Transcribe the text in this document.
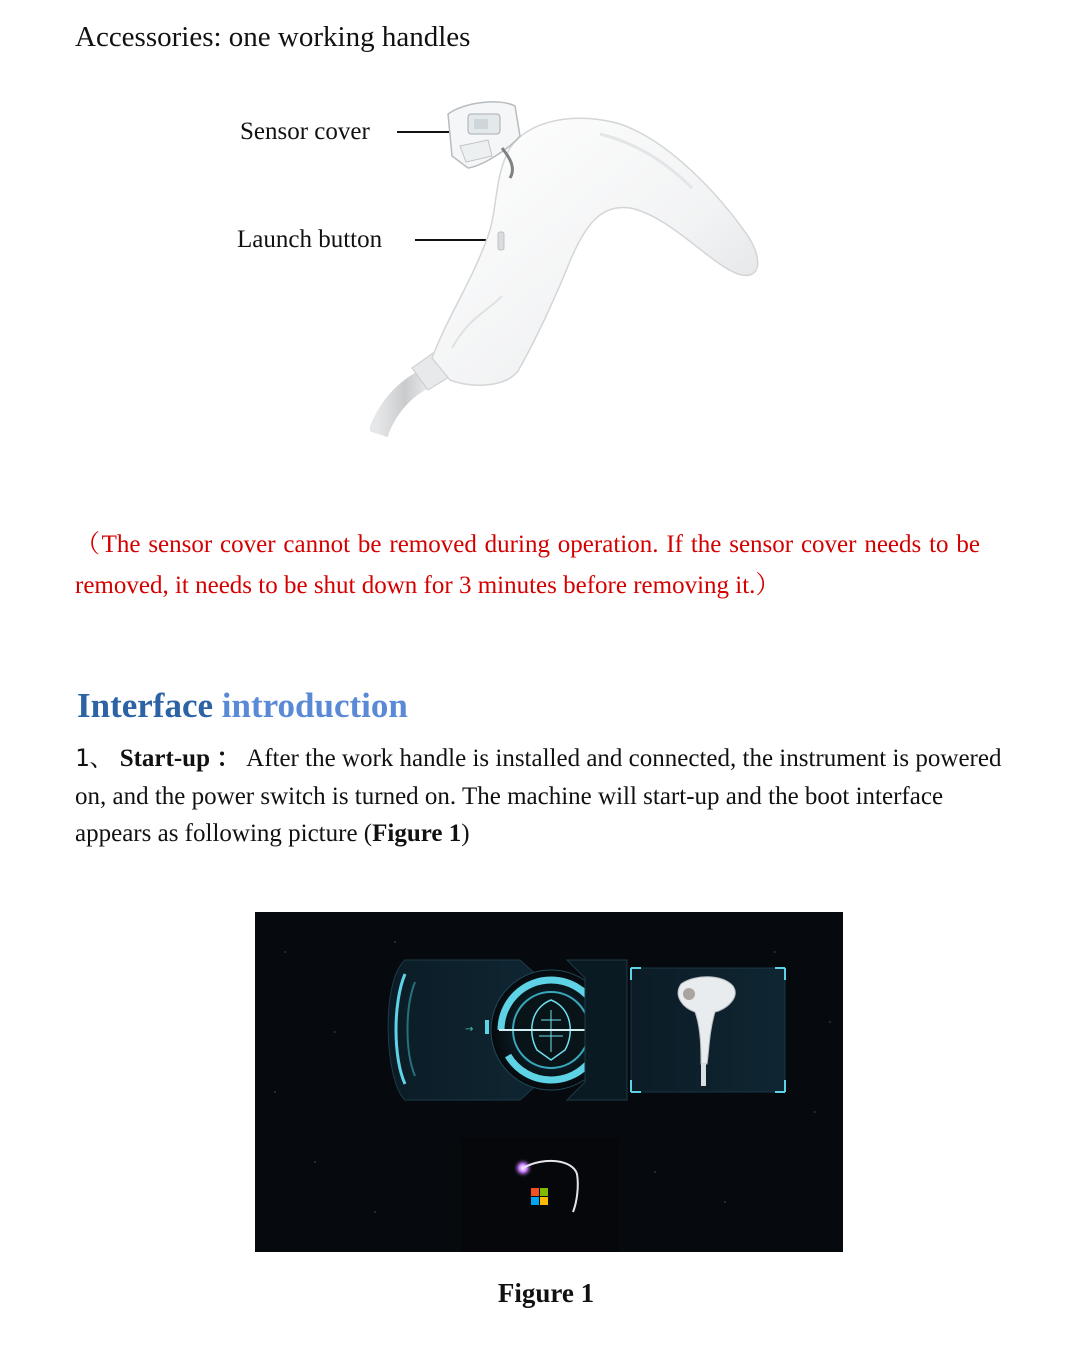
Accessories: one working handles
Sensor cover
Launch button
（The sensor cover cannot be removed during operation. If the sensor cover needs to be removed, it needs to be shut down for 3 minutes before removing it.）
Interface introduction
1、 Start-up ： After the work handle is installed and connected, the instrument is powered on, and the power switch is turned on. The machine will start-up and the boot interface appears as following picture (Figure 1)
→
Figure 1
